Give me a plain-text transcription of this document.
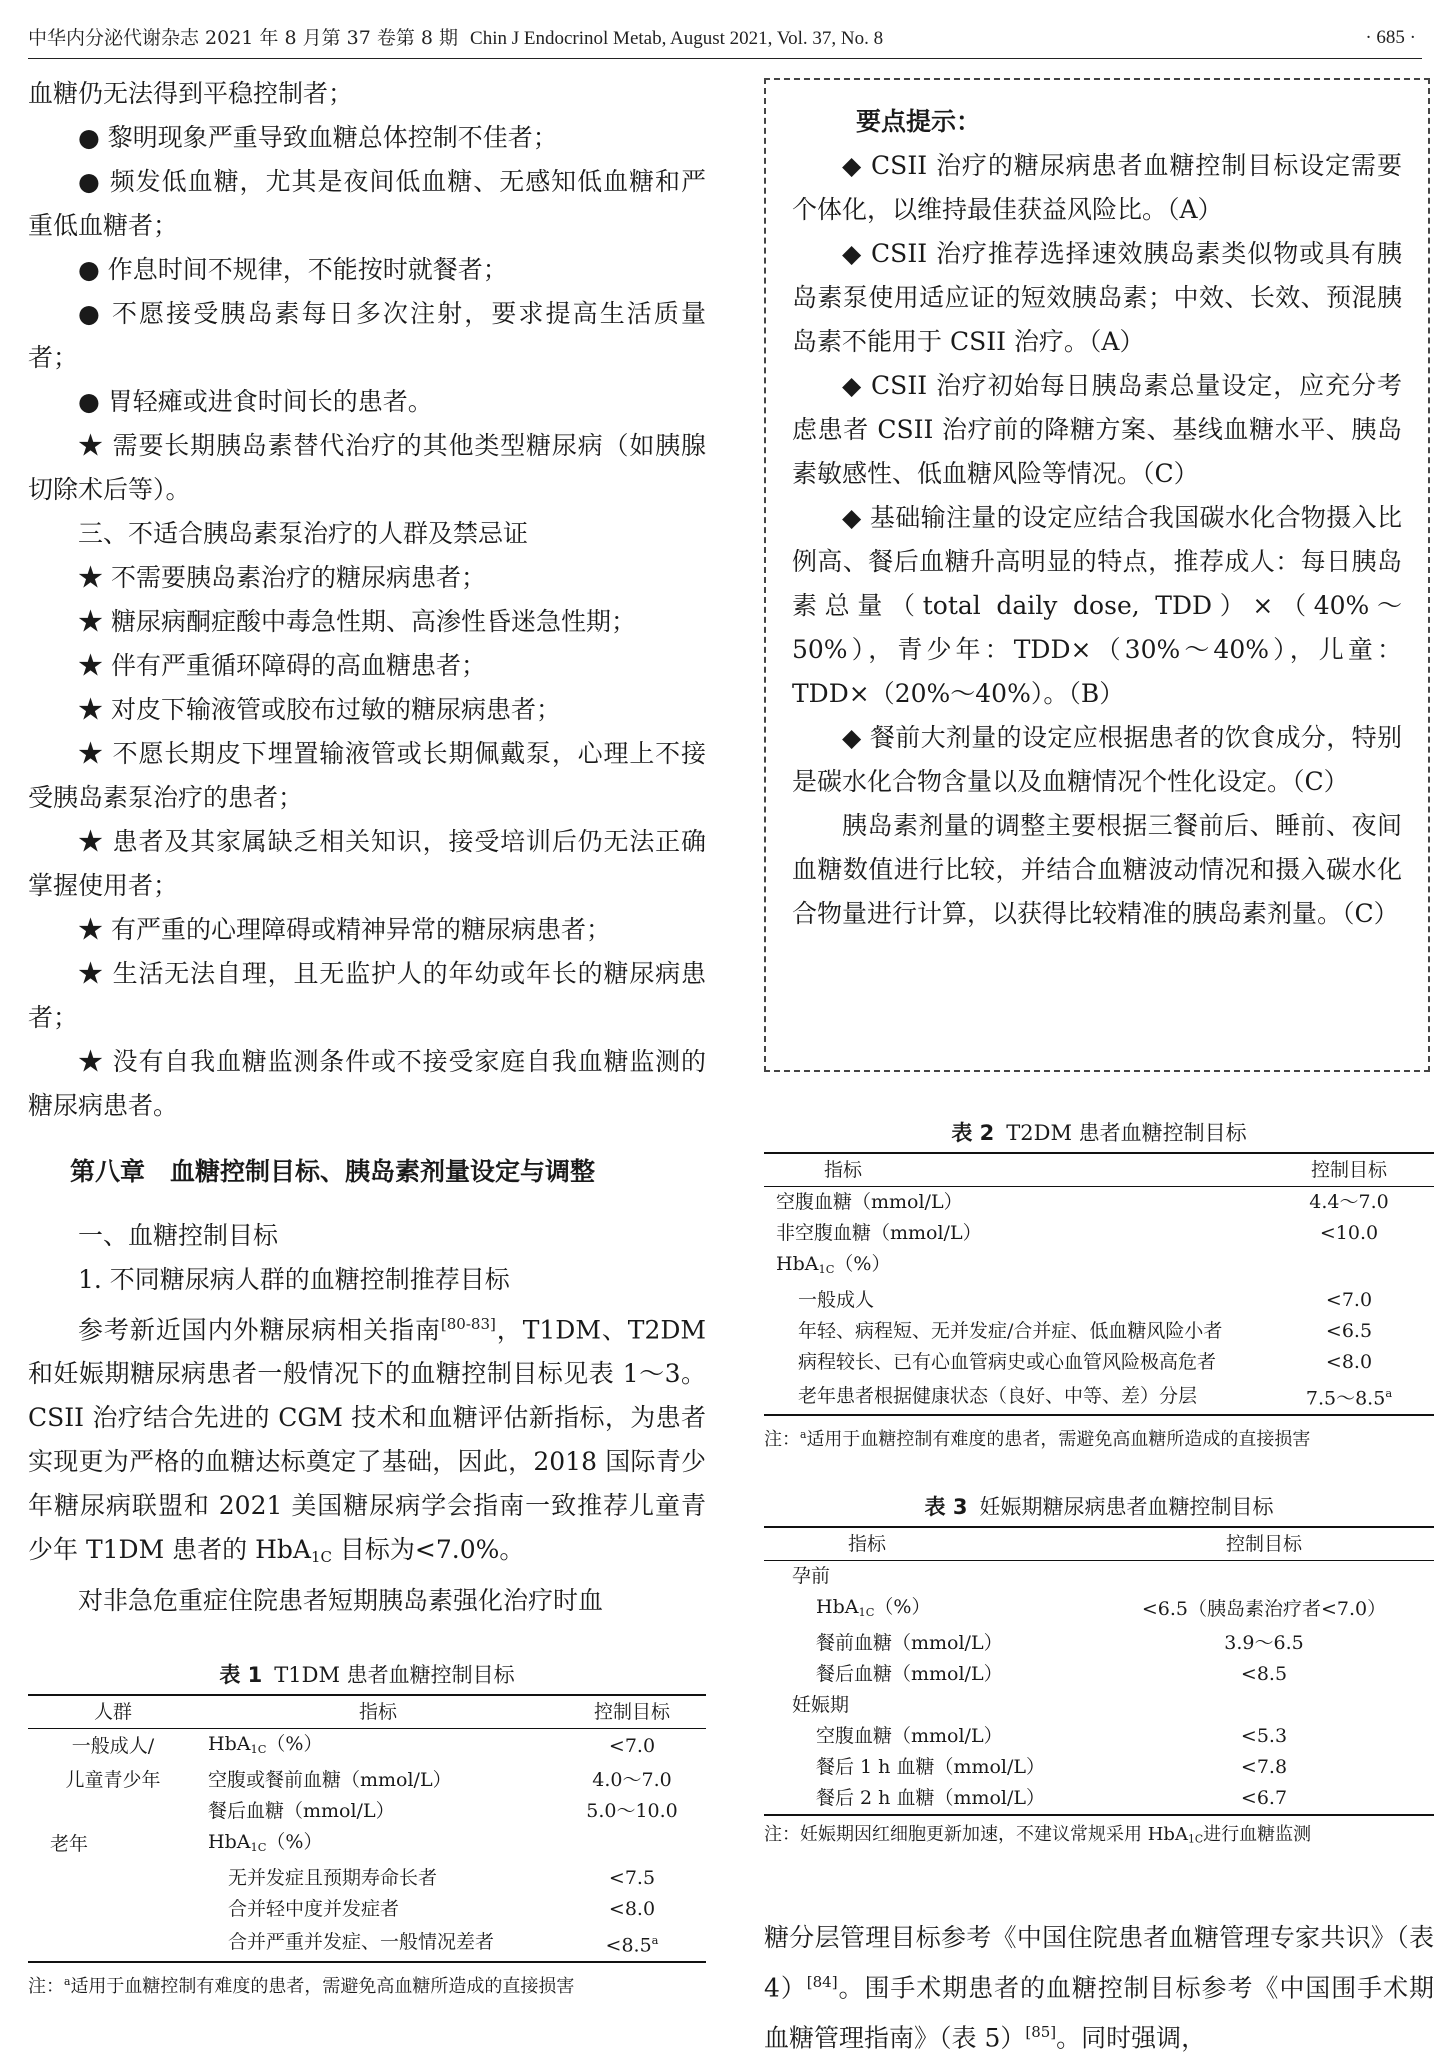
中华内分泌代谢杂志 2021 年 8 月第 37 卷第 8 期 Chin J Endocrinol Metab, August 2021, Vol. 37, No. 8	· 685 ·

血糖仍无法得到平稳控制者；

● 黎明现象严重导致血糖总体控制不佳者；

● 频发低血糖，尤其是夜间低血糖、无感知低血糖和严重低血糖者；

● 作息时间不规律，不能按时就餐者；

● 不愿接受胰岛素每日多次注射，要求提高生活质量者；

● 胃轻瘫或进食时间长的患者。

★ 需要长期胰岛素替代治疗的其他类型糖尿病（如胰腺切除术后等）。

三、不适合胰岛素泵治疗的人群及禁忌证

★ 不需要胰岛素治疗的糖尿病患者；

★ 糖尿病酮症酸中毒急性期、高渗性昏迷急性期；

★ 伴有严重循环障碍的高血糖患者；

★ 对皮下输液管或胶布过敏的糖尿病患者；

★ 不愿长期皮下埋置输液管或长期佩戴泵，心理上不接受胰岛素泵治疗的患者；

★ 患者及其家属缺乏相关知识，接受培训后仍无法正确掌握使用者；

★ 有严重的心理障碍或精神异常的糖尿病患者；

★ 生活无法自理，且无监护人的年幼或年长的糖尿病患者；

★ 没有自我血糖监测条件或不接受家庭自我血糖监测的糖尿病患者。

第八章　血糖控制目标、胰岛素剂量设定与调整

一、血糖控制目标

1. 不同糖尿病人群的血糖控制推荐目标

参考新近国内外糖尿病相关指南[80-83]，T1DM、T2DM 和妊娠期糖尿病患者一般情况下的血糖控制目标见表 1～3。CSII 治疗结合先进的 CGM 技术和血糖评估新指标，为患者实现更为严格的血糖达标奠定了基础，因此，2018 国际青少年糖尿病联盟和 2021 美国糖尿病学会指南一致推荐儿童青少年 T1DM 患者的 HbA$_{1C}$ 目标为<7.0%。

对非急危重症住院患者短期胰岛素强化治疗时血

表 1 T1DM 患者血糖控制目标
人群	指标	控制目标
一般成人/	HbA$_{1C}$（%）	<7.0
儿童青少年	空腹或餐前血糖（mmol/L）	4.0～7.0
	餐后血糖（mmol/L）	5.0～10.0
老年	HbA$_{1C}$（%）	
	无并发症且预期寿命长者	<7.5
	合并轻中度并发症者	<8.0
	合并严重并发症、一般情况差者	<8.5$^a$
注：$^a$适用于血糖控制有难度的患者，需避免高血糖所造成的直接损害
要点提示：

◆ CSII 治疗的糖尿病患者血糖控制目标设定需要个体化，以维持最佳获益风险比。（A）

◆ CSII 治疗推荐选择速效胰岛素类似物或具有胰岛素泵使用适应证的短效胰岛素；中效、长效、预混胰岛素不能用于 CSII 治疗。（A）

◆ CSII 治疗初始每日胰岛素总量设定，应充分考虑患者 CSII 治疗前的降糖方案、基线血糖水平、胰岛素敏感性、低血糖风险等情况。（C）

◆ 基础输注量的设定应结合我国碳水化合物摄入比例高、餐后血糖升高明显的特点，推荐成人：每日胰岛素总量（total daily dose, TDD）×（40%～50%），青少年：TDD×（30%～40%），儿童：TDD×（20%～40%）。（B）

◆ 餐前大剂量的设定应根据患者的饮食成分，特别是碳水化合物含量以及血糖情况个性化设定。（C）

胰岛素剂量的调整主要根据三餐前后、睡前、夜间血糖数值进行比较，并结合血糖波动情况和摄入碳水化合物量进行计算，以获得比较精准的胰岛素剂量。（C）

表 2 T2DM 患者血糖控制目标
指标	控制目标
空腹血糖（mmol/L）	4.4～7.0
非空腹血糖（mmol/L）	<10.0
HbA$_{1C}$（%）	
一般成人	<7.0
年轻、病程短、无并发症/合并症、低血糖风险小者	<6.5
病程较长、已有心血管病史或心血管风险极高危者	<8.0
老年患者根据健康状态（良好、中等、差）分层	7.5～8.5$^a$
注：$^a$适用于血糖控制有难度的患者，需避免高血糖所造成的直接损害
表 3 妊娠期糖尿病患者血糖控制目标
指标	控制目标
孕前	
HbA$_{1C}$（%）	<6.5（胰岛素治疗者<7.0）
餐前血糖（mmol/L）	3.9～6.5
餐后血糖（mmol/L）	<8.5
妊娠期	
空腹血糖（mmol/L）	<5.3
餐后 1 h 血糖（mmol/L）	<7.8
餐后 2 h 血糖（mmol/L）	<6.7
注：妊娠期因红细胞更新加速，不建议常规采用 HbA$_{1C}$进行血糖监测

糖分层管理目标参考《中国住院患者血糖管理专家共识》（表 4）[84]。围手术期患者的血糖控制目标参考《中国围手术期血糖管理指南》（表 5）[85]。同时强调，
